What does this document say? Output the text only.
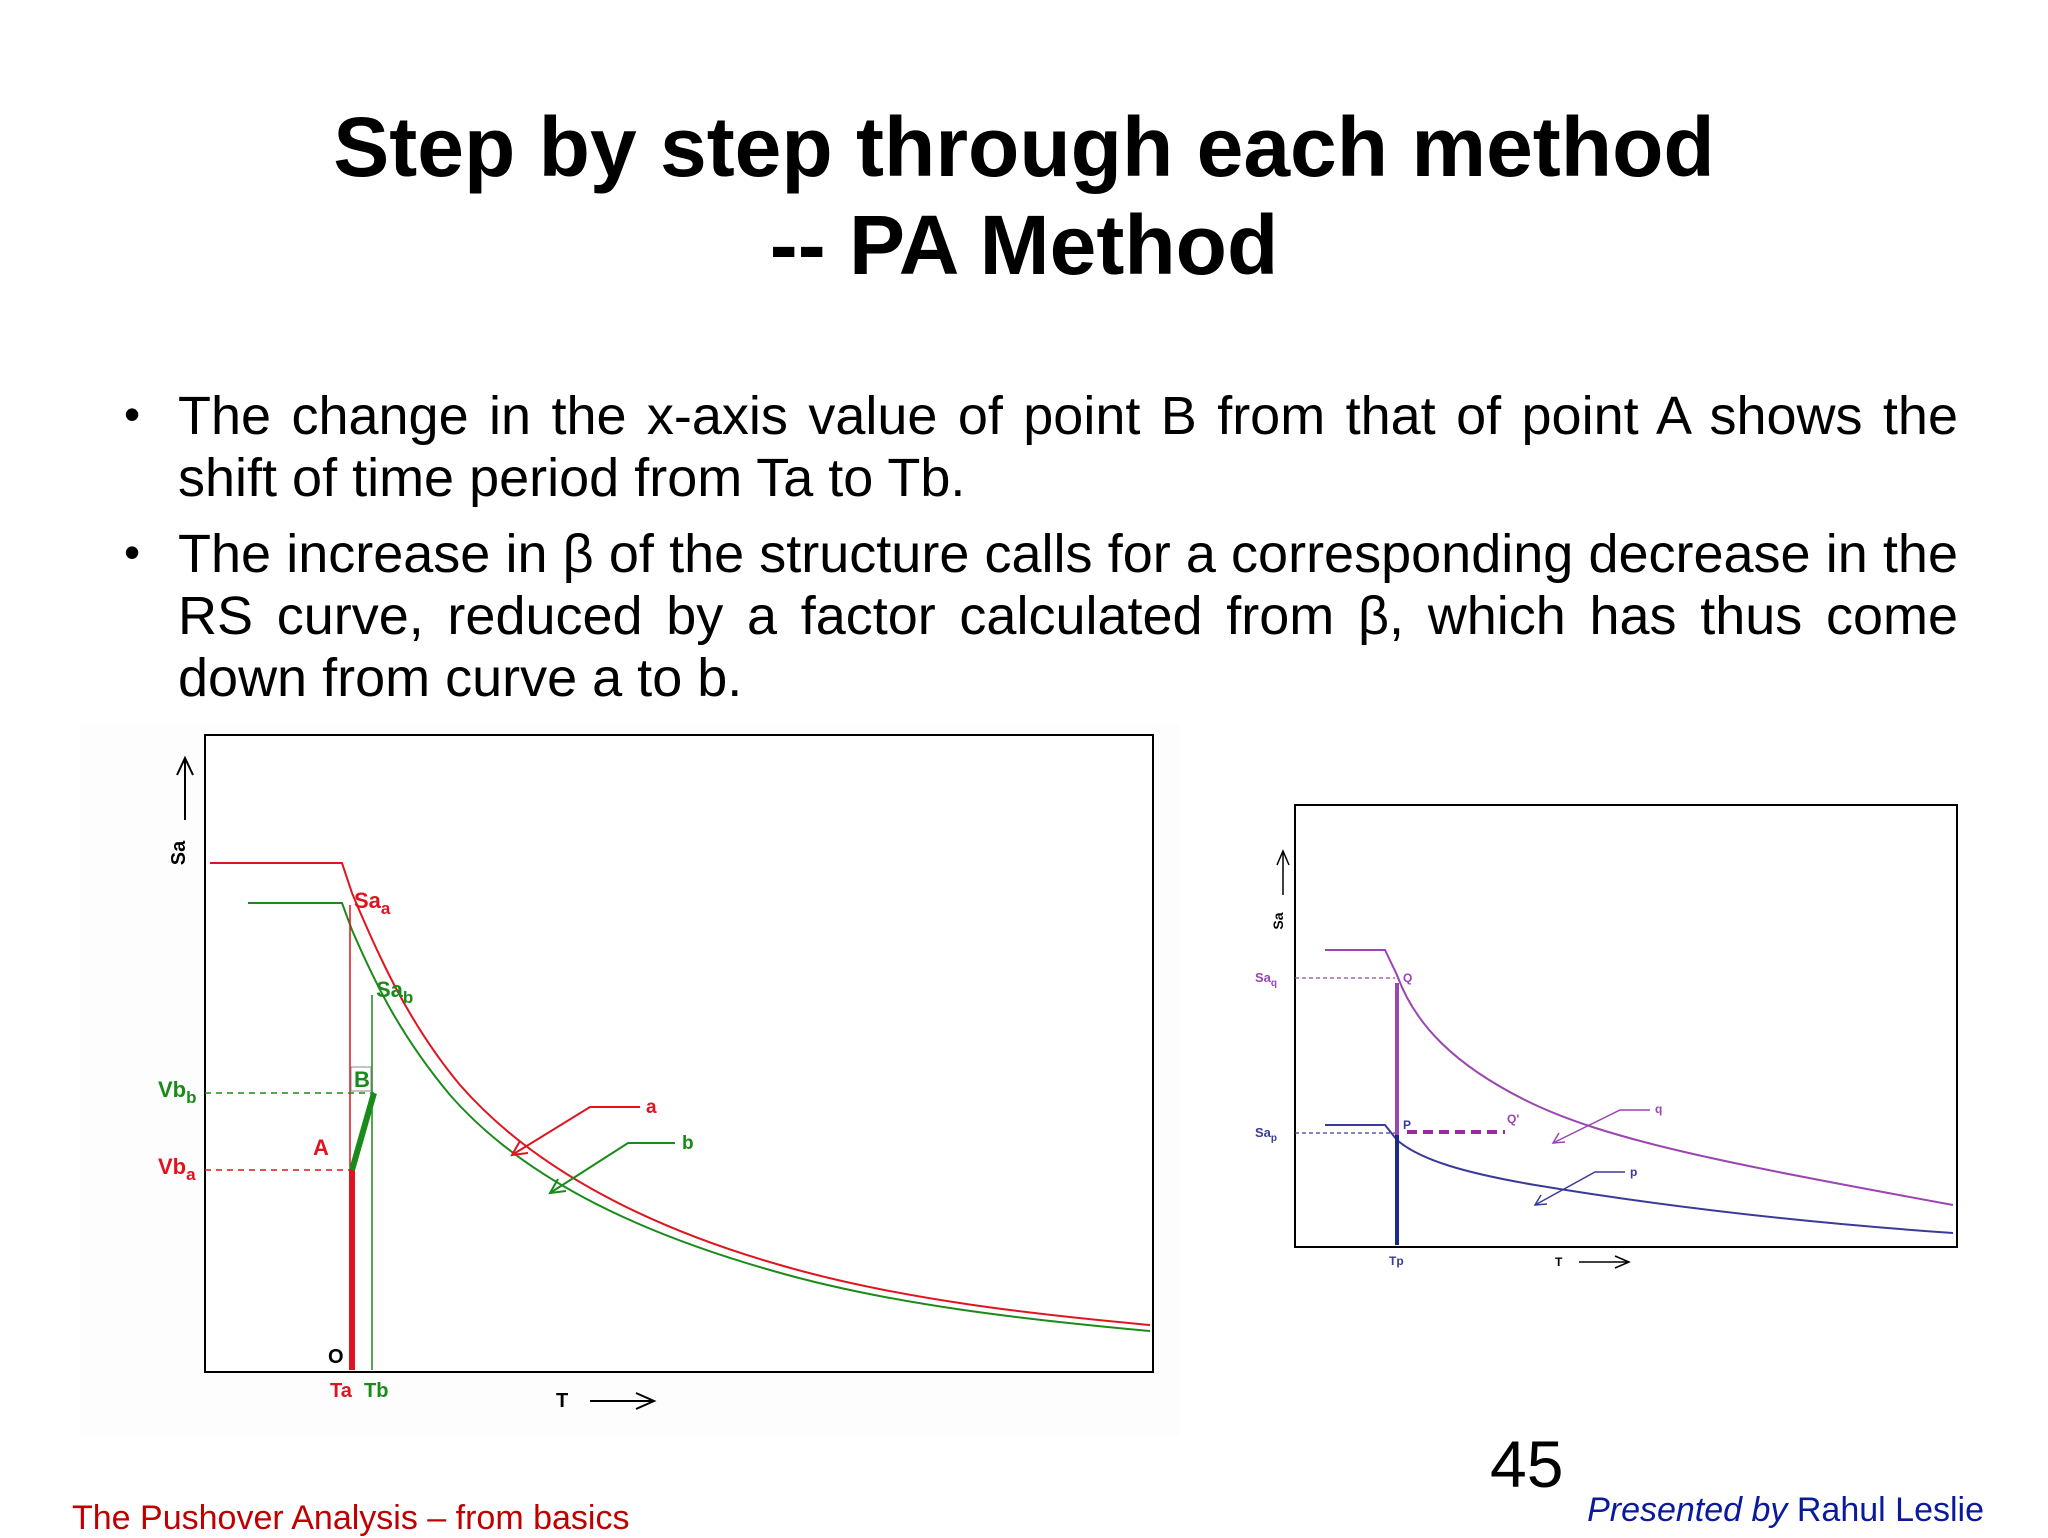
Step by step through each method
-- PA Method
• The change in the x-axis value of point B from that of point A shows the shift of time period from Ta to Tb.
• The increase in β of the structure calls for a corresponding decrease in the RS curve, reduced by a factor calculated from β, which has thus come down from curve a to b.
Sa
$Sa_a$
$Sa_b$
$Vb_b$
$Vb_a$
A
B
a
b
O
Ta Tb	T
Sa
$Sa_q$
$Sa_p$
Q
P	Q'
q
p
Tp	T
45
The Pushover Analysis – from basics	Presented by Rahul Leslie
